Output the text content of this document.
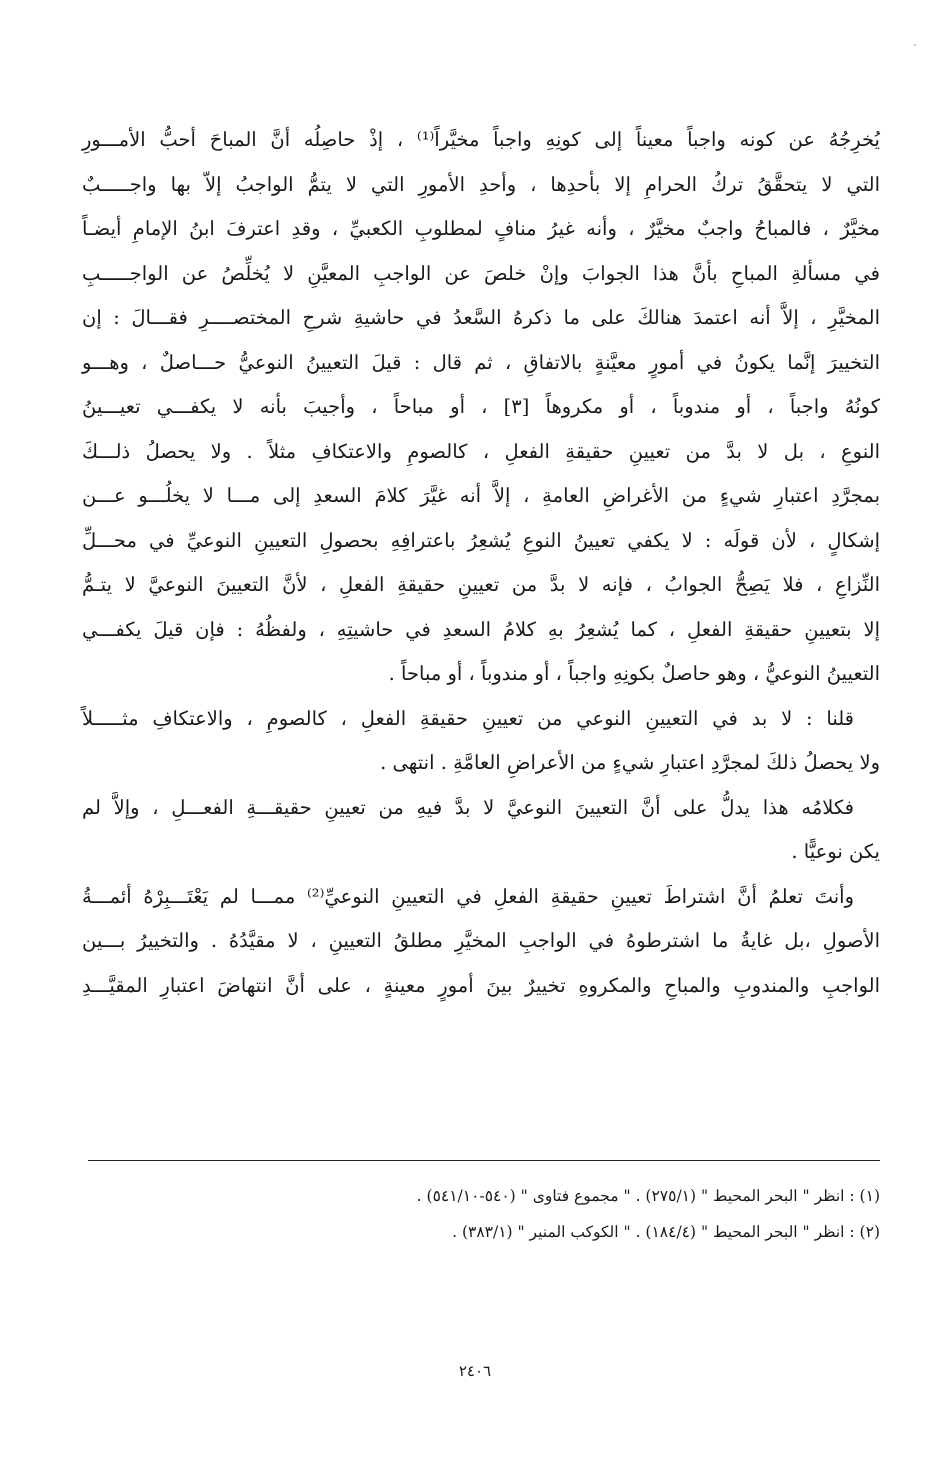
يُخرِجُهُ عن كونه واجباً معيناً إلى كونِهِ واجباً مخيَّراً⁽¹⁾ ، إذْ حاصِلُه أنَّ المباحَ أحبُّ الأمـــورِ
التي لا يتحقَّقُ تركُ الحرامِ إلا بأحدِها ، وأحدِ الأمورِ التي لا يتمُّ الواجبُ إلاّ بها واجـــــبٌ
مخيَّرٌ ، فالمباحُ واجبٌ مخيَّرٌ ، وأنه غيرُ منافٍ لمطلوبِ الكعبيِّ ، وقدِ اعترفَ ابنُ الإمامِ أيضـاً
في مسألةِ المباحِ بأنَّ هذا الجوابَ وإنْ خلصَ عن الواجبِ المعيَّنِ لا يُخلِّصُ عن الواجـــــبِ
المخيَّرِ ، إلاَّ أنه اعتمدَ هنالكَ على ما ذكرهُ السَّعدُ في حاشيةِ شرحِ المختصــــرِ فقـــالَ : إن
التخييرَ إنَّما يكونُ في أمورٍ معيَّنةٍ بالاتفاقِ ، ثم قال : قيلَ التعيينُ النوعيُّ حـــاصلٌ ، وهـــو
كونُهُ واجباً ، أو مندوباً ، أو مكروهاً [٣] ، أو مباحاً ، وأجيبَ بأنه لا يكفـــي تعيـــينُ
النوعِ ، بل لا بدَّ من تعيينِ حقيقةِ الفعلِ ، كالصومِ والاعتكافِ مثلاً . ولا يحصلُ ذلـــكَ
بمجرَّدِ اعتبارِ شيءٍ من الأغراضِ العامةِ ، إلاَّ أنه غيَّرَ كلامَ السعدِ إلى مـــا لا يخلُـــو عـــن
إشكالٍ ، لأن قولَه : لا يكفي تعيينُ النوعِ يُشعِرُ باعترافِهِ بحصولِ التعيينِ النوعيِّ في محـــلِّ
النِّزاعِ ، فلا يَصِحُّ الجوابُ ، فإنه لا بدَّ من تعيينِ حقيقةِ الفعلِ ، لأنَّ التعيينَ النوعيَّ لا يتـمُّ
إلا بتعيينِ حقيقةِ الفعلِ ، كما يُشعِرُ بهِ كلامُ السعدِ في حاشيتِهِ ، ولفظُهُ : فإن قيلَ يكفـــي
التعيينُ النوعيُّ ، وهو حاصلٌ بكونِهِ واجباً ، أو مندوباً ، أو مباحاً .
قلنا : لا بد في التعيينِ النوعي من تعيينِ حقيقةِ الفعلِ ، كالصومِ ، والاعتكافِ مثـــــلاً
ولا يحصلُ ذلكَ لمجرَّدِ اعتبارِ شيءٍ من الأعراضِ العامَّةِ . انتهى .
فكلامُه هذا يدلُّ على أنَّ التعيينَ النوعيَّ لا بدَّ فيهِ من تعيينِ حقيقـــةِ الفعـــلِ ، وإلاَّ لم
يكن نوعيًّا .
وأنتَ تعلمُ أنَّ اشتراطَ تعيينِ حقيقةِ الفعلِ في التعيينِ النوعيِّ⁽²⁾ ممـــا لم يَعْتَـــبِرْهُ أئمـــةُ
الأصولِ ،بل غايةُ ما اشترطوهُ في الواجبِ المخيَّرِ مطلقُ التعيينِ ، لا مقيَّدُهُ . والتخييرُ بـــين
الواجبِ والمندوبِ والمباحِ والمكروهِ تخييرٌ بينَ أمورٍ معينةٍ ، على أنَّ انتهاضَ اعتبارِ المقيَّـــدِ
(١) : انظر " البحر المحيط " (٢٧٥/١) . " مجموع فتاوى " (٥٤٠-٥٤١/١٠) .
(٢) : انظر " البحر المحيط " (١٨٤/٤) . " الكوكب المنير " (٣٨٣/١) .
٢٤٠٦
